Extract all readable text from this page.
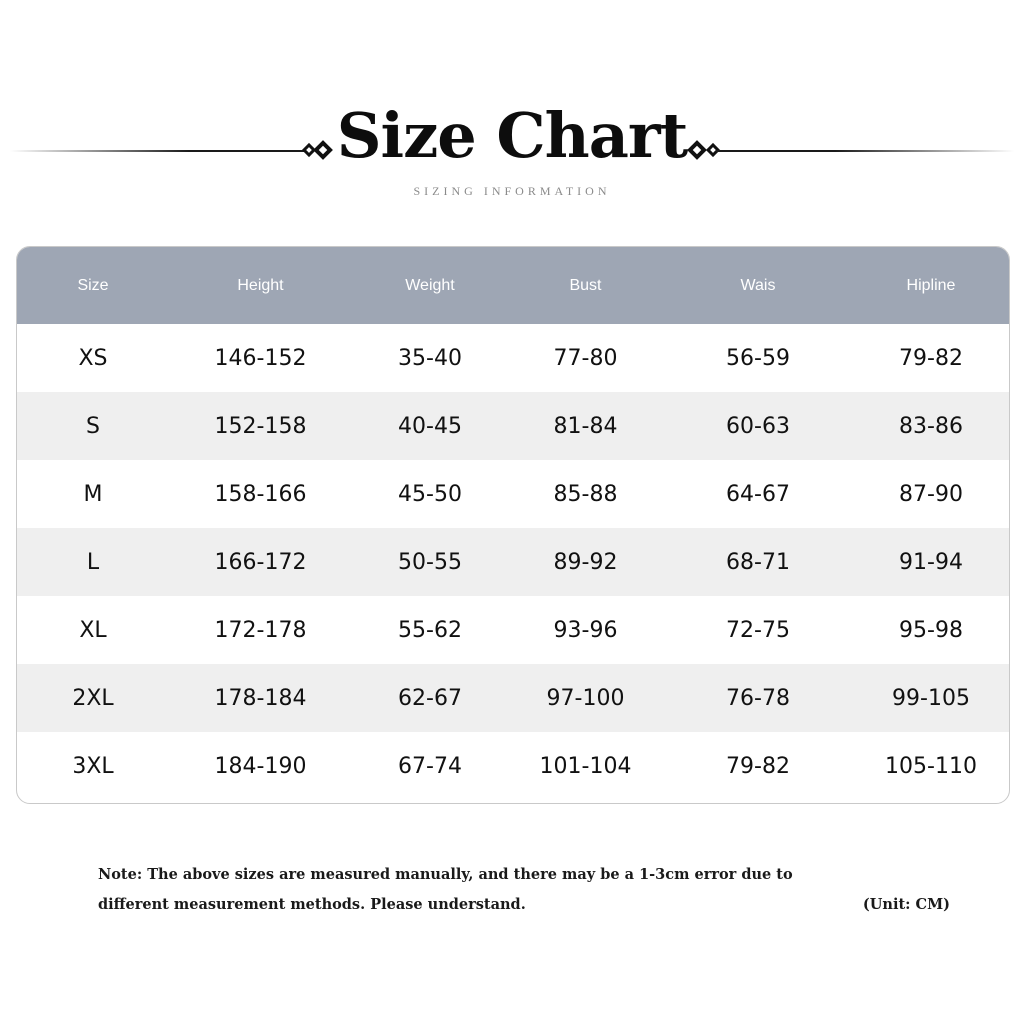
Size Chart
SIZING INFORMATION
Size	Height	Weight	Bust	Wais	Hipline
XS	146-152	35-40	77-80	56-59	79-82
S	152-158	40-45	81-84	60-63	83-86
M	158-166	45-50	85-88	64-67	87-90
L	166-172	50-55	89-92	68-71	91-94
XL	172-178	55-62	93-96	72-75	95-98
2XL	178-184	62-67	97-100	76-78	99-105
3XL	184-190	67-74	101-104	79-82	105-110
Note: The above sizes are measured manually, and there may be a 1-3cm error due to
different measurement methods. Please understand.	(Unit: CM)
